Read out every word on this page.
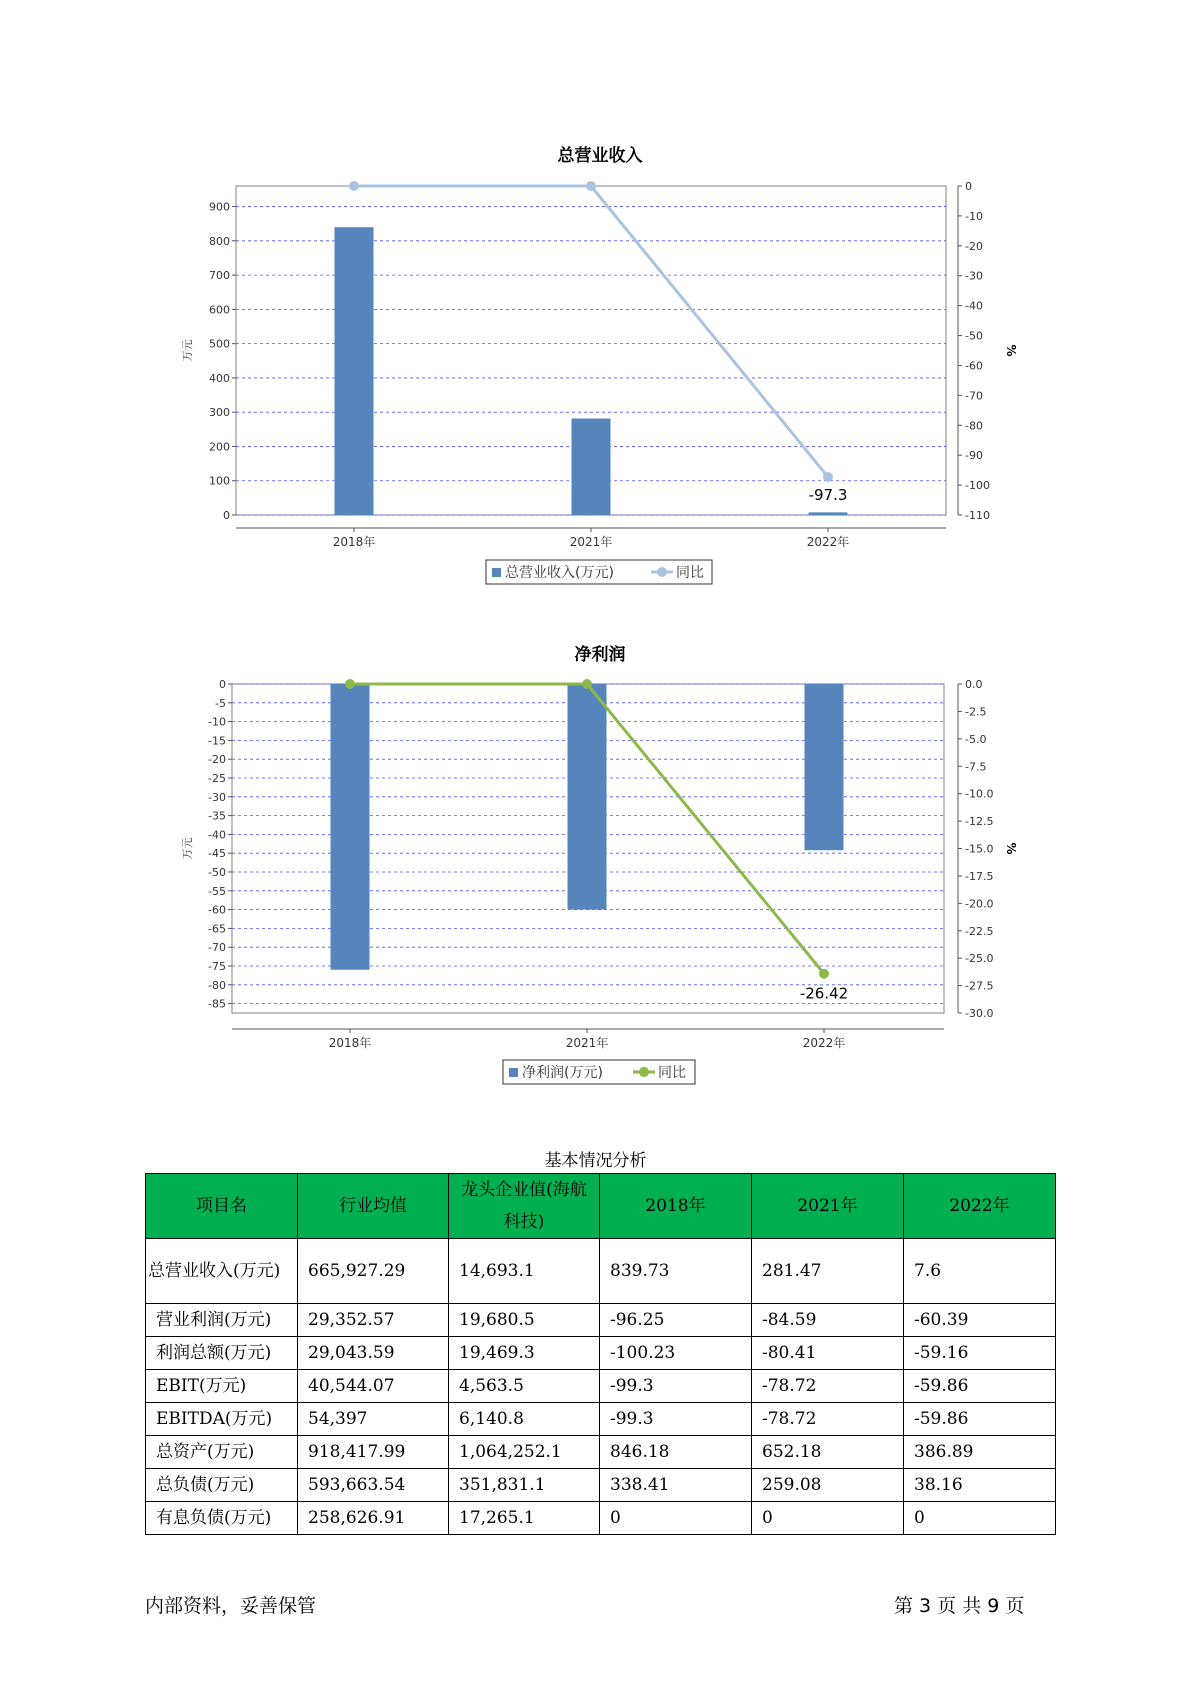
总营业收入
0
100
200
300
400
500
600
700
800
900
0
-10
-20
-30
-40
-50
-60
-70
-80
-90
-100
-110
万元	%
2018年	2021年	2022年
-97.3
总营业收入(万元)	同比
净利润
0
-5
-10
-15
-20
-25
-30
-35
-40
-45
-50
-55
-60
-65
-70
-75
-80
-85
0.0
-2.5
-5.0
-7.5
-10.0
-12.5
-15.0
-17.5
-20.0
-22.5
-25.0
-27.5
-30.0
万元	%
2018年	2021年	2022年
-26.42
净利润(万元)	同比
基本情况分析
项目名	行业均值	龙头企业值(海航科技)	2018年	2021年	2022年
总营业收入(万元)	665,927.29	14,693.1	839.73	281.47	7.6
营业利润(万元)	29,352.57	19,680.5	-96.25	-84.59	-60.39
利润总额(万元)	29,043.59	19,469.3	-100.23	-80.41	-59.16
EBIT(万元)	40,544.07	4,563.5	-99.3	-78.72	-59.86
EBITDA(万元)	54,397	6,140.8	-99.3	-78.72	-59.86
总资产(万元)	918,417.99	1,064,252.1	846.18	652.18	386.89
总负债(万元)	593,663.54	351,831.1	338.41	259.08	38.16
有息负债(万元)	258,626.91	17,265.1	0	0	0
内部资料，妥善保管	第 3 页 共 9 页
